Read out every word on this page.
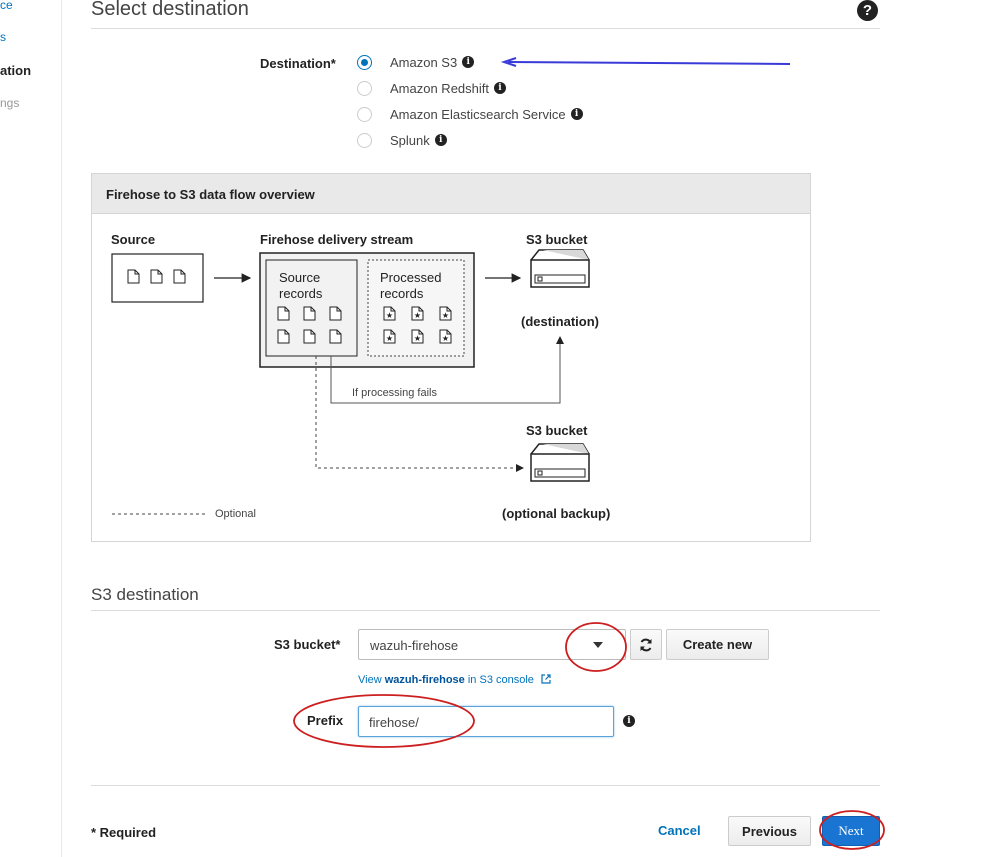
ce
s
ation
ngs
Select destination	?
Destination*	Amazon S3	i
Amazon Redshift	i
Amazon Elasticsearch Service	i
Splunk	i
Firehose to S3 data flow overview
★
Source	Firehose delivery stream
Source
records
Processed
records
S3 bucket
(destination)
If processing fails
S3 bucket
(optional backup)
Optional
S3 destination
S3 bucket* wazuh-firehose	Create new
View wazuh-firehose in S3 console
Prefix	firehose/	i
* Required	Cancel	Previous	Next
